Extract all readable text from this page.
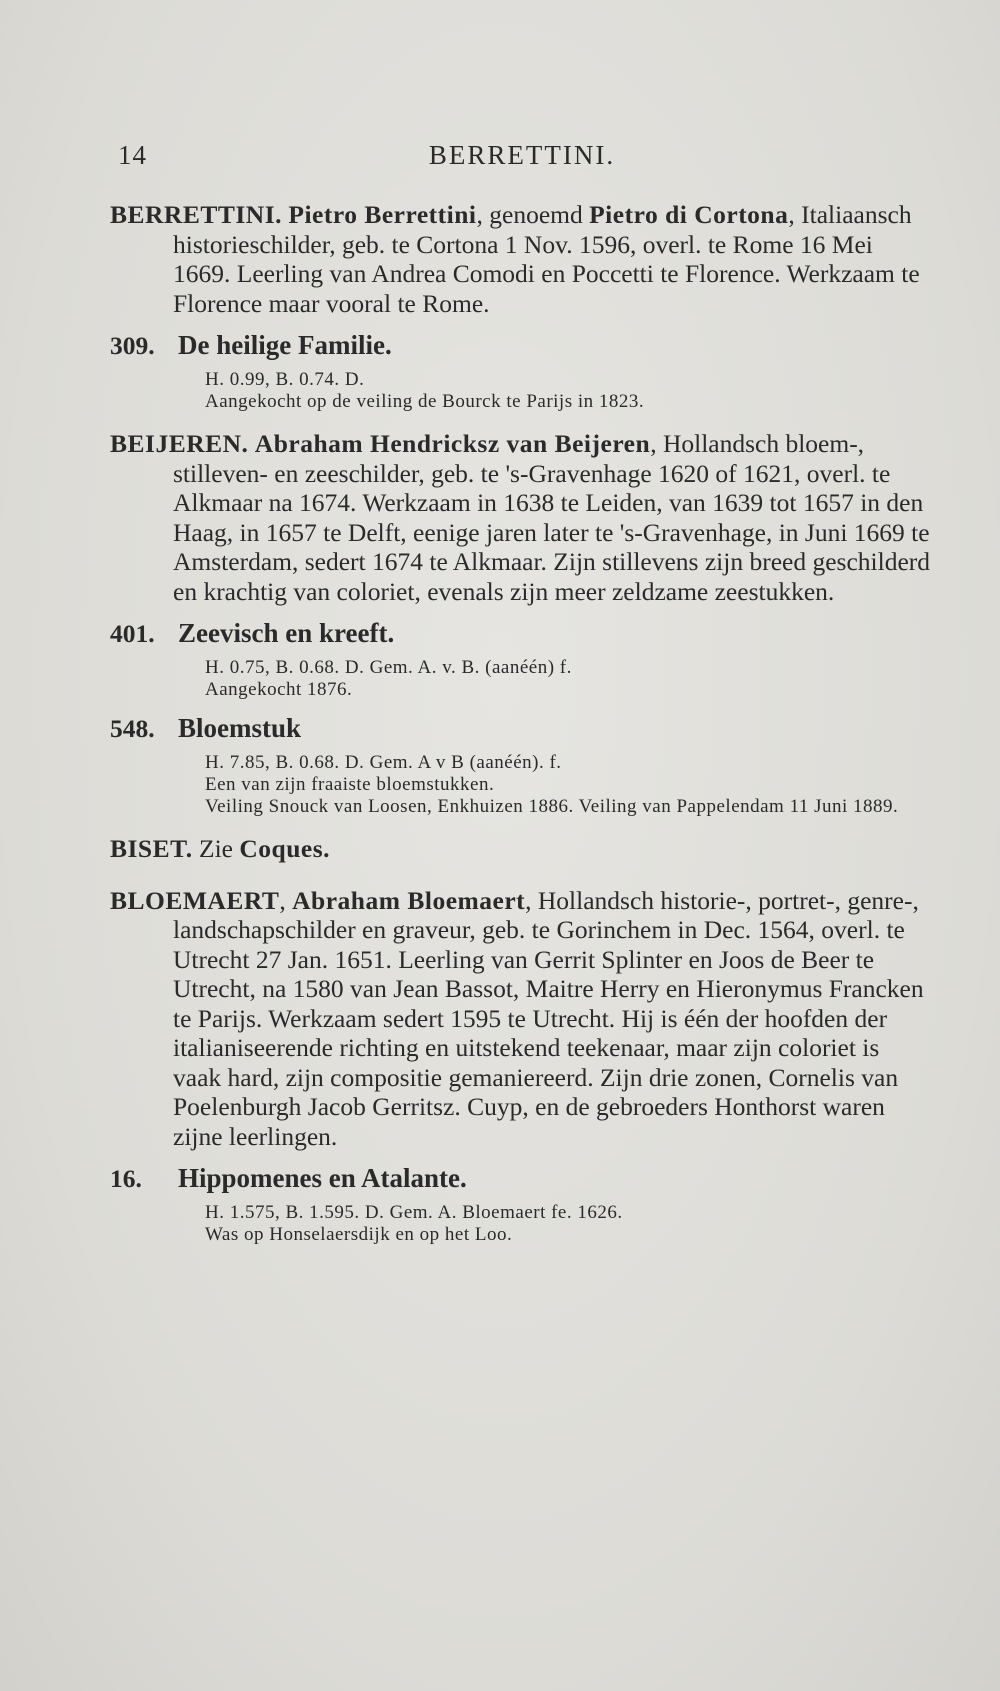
14	BERRETTINI.
BERRETTINI. Pietro Berrettini, genoemd Pietro di Cortona, Italiaansch historieschilder, geb. te Cortona 1 Nov. 1596, overl. te Rome 16 Mei 1669. Leerling van Andrea Comodi en Poccetti te Florence. Werkzaam te Florence maar vooral te Rome.
309. De heilige Familie.
H. 0.99, B. 0.74. D.
Aangekocht op de veiling de Bourck te Parijs in 1823.
BEIJEREN. Abraham Hendricksz van Beijeren, Hollandsch bloem-, stilleven- en zeeschilder, geb. te 's-Gravenhage 1620 of 1621, overl. te Alkmaar na 1674. Werkzaam in 1638 te Leiden, van 1639 tot 1657 in den Haag, in 1657 te Delft, eenige jaren later te 's-Gravenhage, in Juni 1669 te Amsterdam, sedert 1674 te Alkmaar. Zijn stillevens zijn breed geschilderd en krachtig van coloriet, evenals zijn meer zeldzame zeestukken.
401. Zeevisch en kreeft.
H. 0.75, B. 0.68. D. Gem. A. v. B. (aanéén) f.
Aangekocht 1876.
548. Bloemstuk
H. 7.85, B. 0.68. D. Gem. A v B (aanéén). f.
Een van zijn fraaiste bloemstukken.
Veiling Snouck van Loosen, Enkhuizen 1886. Veiling van Pappelendam 11 Juni 1889.
BISET. Zie Coques.
BLOEMAERT, Abraham Bloemaert, Hollandsch historie-, portret-, genre-, landschapschilder en graveur, geb. te Gorinchem in Dec. 1564, overl. te Utrecht 27 Jan. 1651. Leerling van Gerrit Splinter en Joos de Beer te Utrecht, na 1580 van Jean Bassot, Maitre Herry en Hieronymus Francken te Parijs. Werkzaam sedert 1595 te Utrecht. Hij is één der hoofden der italianiseerende richting en uitstekend teekenaar, maar zijn coloriet is vaak hard, zijn compositie gemaniereerd. Zijn drie zonen, Cornelis van Poelenburgh Jacob Gerritsz. Cuyp, en de gebroeders Honthorst waren zijne leerlingen.
16. Hippomenes en Atalante.
H. 1.575, B. 1.595. D. Gem. A. Bloemaert fe. 1626.
Was op Honselaersdijk en op het Loo.
